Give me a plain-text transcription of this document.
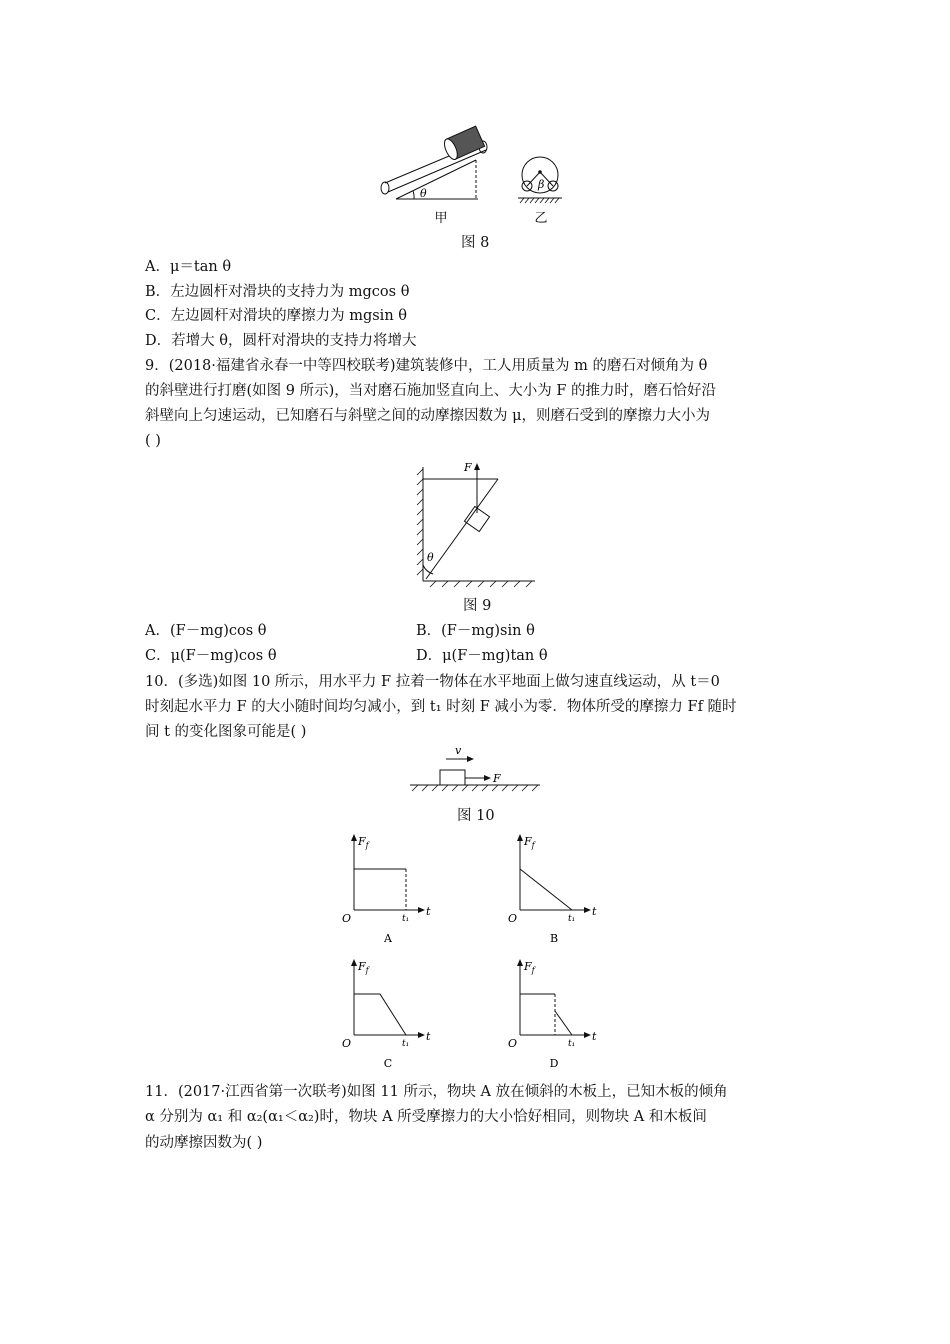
θ
甲
β
乙
图 8
A．μ＝tan θ
B．左边圆杆对滑块的支持力为 mgcos θ
C．左边圆杆对滑块的摩擦力为 mgsin θ
D．若增大 θ，圆杆对滑块的支持力将增大
9．(2018·福建省永春一中等四校联考)建筑装修中，工人用质量为 m 的磨石对倾角为 θ
的斜壁进行打磨(如图 9 所示)，当对磨石施加竖直向上、大小为 F 的推力时，磨石恰好沿
斜壁向上匀速运动，已知磨石与斜壁之间的动摩擦因数为 μ，则磨石受到的摩擦力大小为
( )
F
θ
图 9
A．(F－mg)cos θ	B．(F－mg)sin θ
C．μ(F－mg)cos θ	D．μ(F－mg)tan θ
10．(多选)如图 10 所示，用水平力 F 拉着一物体在水平地面上做匀速直线运动，从 t＝0
时刻起水平力 F 的大小随时间均匀减小，到 t₁ 时刻 F 减小为零．物体所受的摩擦力 Ff 随时
间 t 的变化图象可能是( )
v
F
图 10
$F_f$
t
O	t₁
A
$F_f$
t
O	t₁
B
$F_f$
t
O	t₁
C
$F_f$
t
O	t₁
D
11．(2017·江西省第一次联考)如图 11 所示，物块 A 放在倾斜的木板上，已知木板的倾角
α 分别为 α₁ 和 α₂(α₁＜α₂)时，物块 A 所受摩擦力的大小恰好相同，则物块 A 和木板间
的动摩擦因数为( )
